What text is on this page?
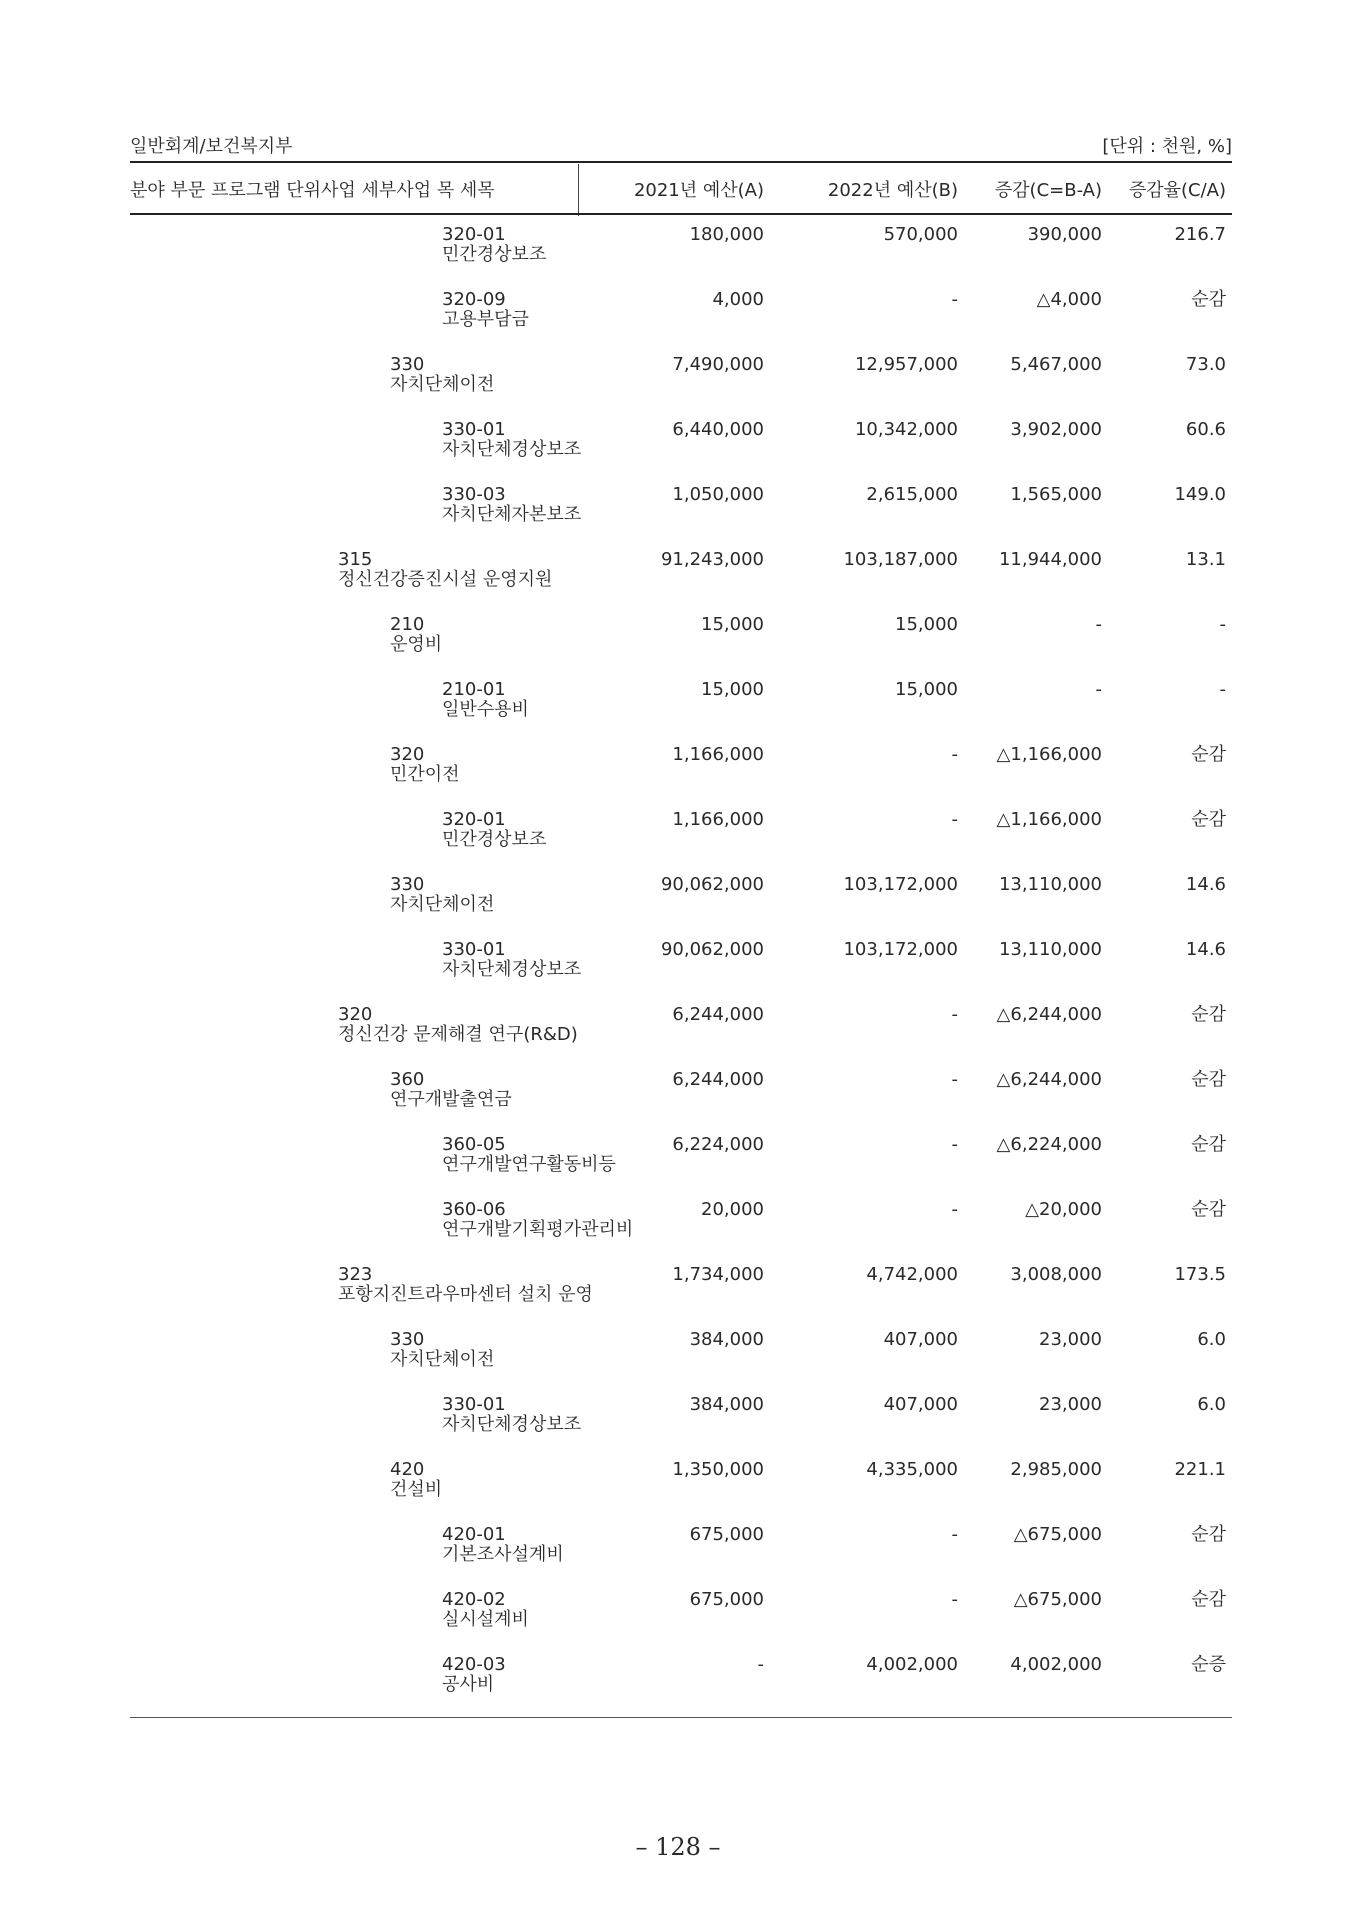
일반회계/보건복지부	[단위 : 천원, %]
분야 부문 프로그램 단위사업 세부사업 목 세목	2021년 예산(A)	2022년 예산(B) 증감(C=B-A) 증감율(C/A)
320-01
민간경상보조
180,000	570,000	390,000	216.7
320-09
고용부담금
4,000	-	△4,000	순감
330
자치단체이전
7,490,000	12,957,000	5,467,000	73.0
330-01
자치단체경상보조
6,440,000	10,342,000	3,902,000	60.6
330-03
자치단체자본보조
1,050,000	2,615,000	1,565,000	149.0
315
정신건강증진시설 운영지원
91,243,000	103,187,000 11,944,000	13.1
210
운영비
15,000	15,000	-	-
210-01
일반수용비
15,000	15,000	-	-
320
민간이전
1,166,000	- △1,166,000	순감
320-01
민간경상보조
1,166,000	- △1,166,000	순감
330
자치단체이전
90,062,000	103,172,000 13,110,000	14.6
330-01
자치단체경상보조
90,062,000	103,172,000 13,110,000	14.6
320
정신건강 문제해결 연구(R&D)
6,244,000	- △6,244,000	순감
360
연구개발출연금
6,244,000	- △6,244,000	순감
360-05
연구개발연구활동비등
6,224,000	- △6,224,000	순감
360-06
연구개발기획평가관리비
20,000	-	△20,000	순감
323
포항지진트라우마센터 설치 운영
1,734,000	4,742,000	3,008,000	173.5
330
자치단체이전
384,000	407,000	23,000	6.0
330-01
자치단체경상보조
384,000	407,000	23,000	6.0
420
건설비
1,350,000	4,335,000	2,985,000	221.1
420-01
기본조사설계비
675,000	-	△675,000	순감
420-02
실시설계비
675,000	-	△675,000	순감
420-03
공사비
-	4,002,000	4,002,000	순증
– 128 –
